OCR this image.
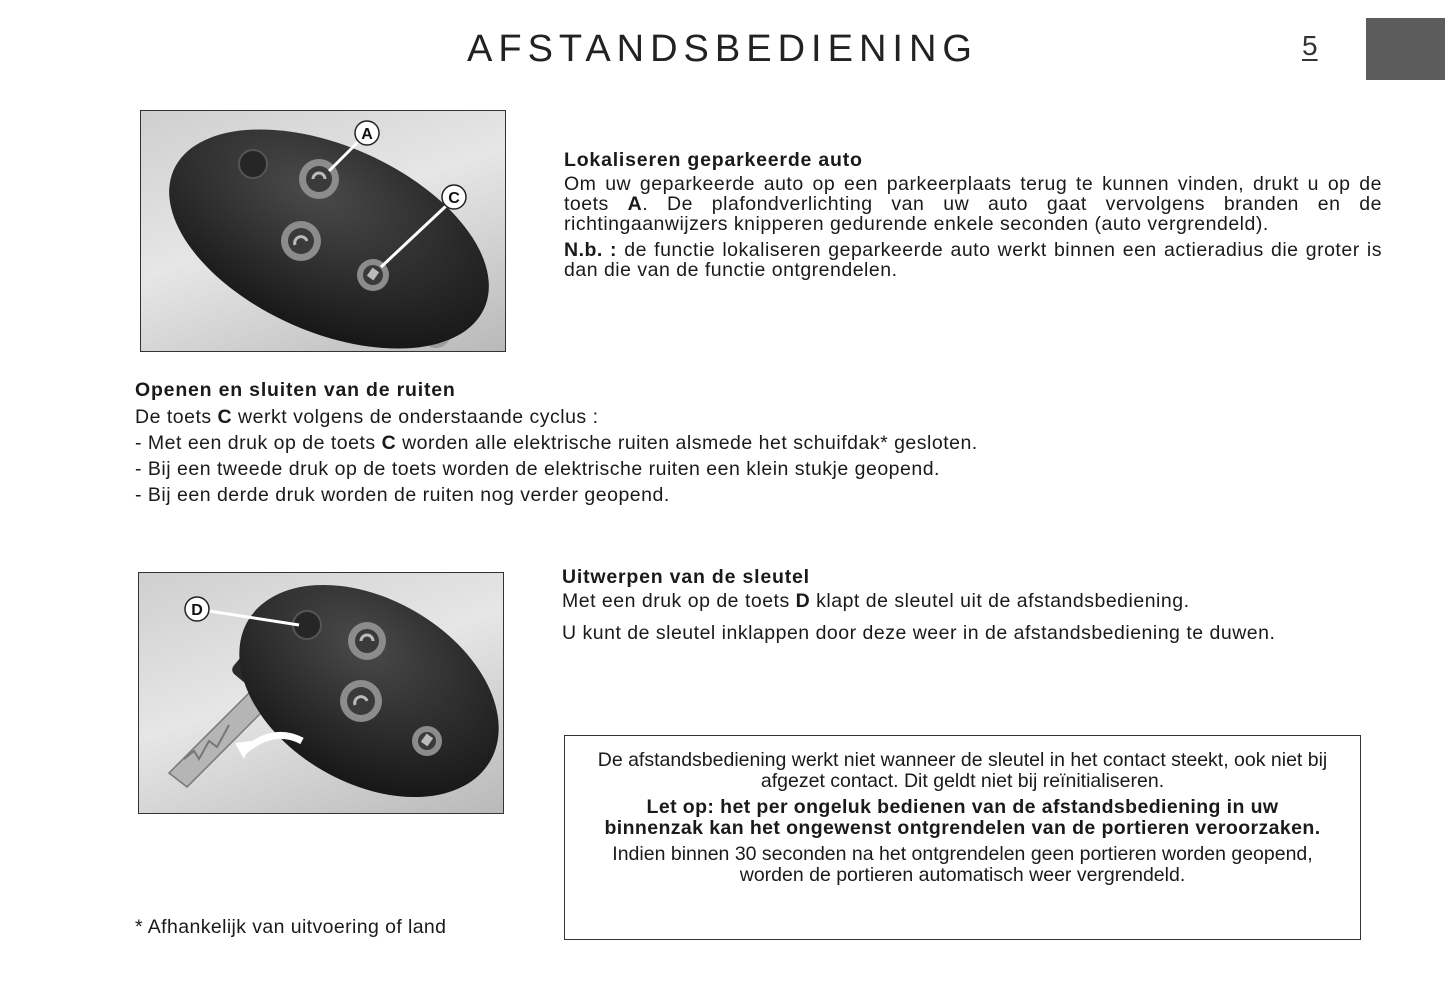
AFSTANDSBEDIENING	5
A
C
Lokaliseren geparkeerde auto

Om uw geparkeerde auto op een parkeerplaats terug te kunnen vinden, drukt u op de toets A. De plafondverlichting van uw auto gaat vervolgens branden en de richtingaanwijzers knipperen gedurende enkele seconden (auto vergrendeld).

N.b. : de functie lokaliseren geparkeerde auto werkt binnen een actieradius die groter is dan die van de functie ontgrendelen.

Openen en sluiten van de ruiten

De toets C werkt volgens de onderstaande cyclus :

- Met een druk op de toets C worden alle elektrische ruiten alsmede het schuifdak* gesloten.

- Bij een tweede druk op de toets worden de elektrische ruiten een klein stukje geopend.

- Bij een derde druk worden de ruiten nog verder geopend.

D
Uitwerpen van de sleutel

Met een druk op de toets D klapt de sleutel uit de afstandsbediening.

U kunt de sleutel inklappen door deze weer in de afstandsbediening te duwen.

De afstandsbediening werkt niet wanneer de sleutel in het contact steekt, ook niet bij afgezet contact. Dit geldt niet bij reïnitialiseren.

Let op: het per ongeluk bedienen van de afstandsbediening in uw binnenzak kan het ongewenst ontgrendelen van de portieren veroorzaken.

Indien binnen 30 seconden na het ontgrendelen geen portieren worden geopend, worden de portieren automatisch weer vergrendeld.

* Afhankelijk van uitvoering of land
